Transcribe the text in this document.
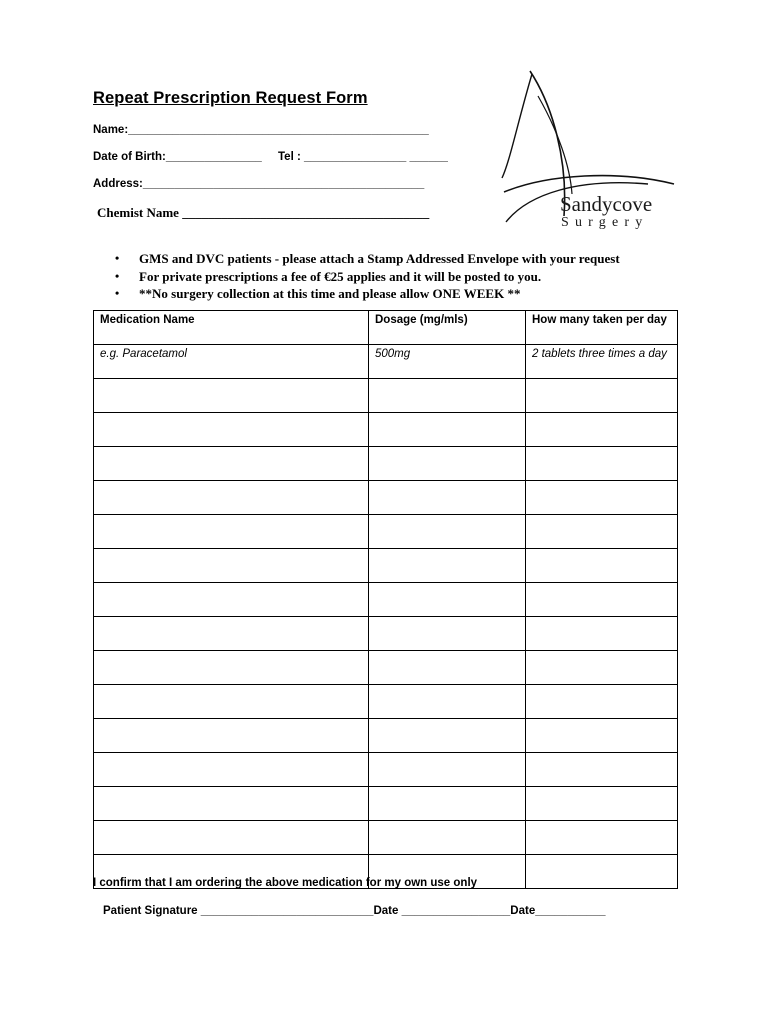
Repeat Prescription Request Form
Name:_______________________________________________
Date of Birth:_______________ Tel : ________________ ______
Address:____________________________________________
Chemist Name ______________________________________	Sandycove
Surgery
• GMS and DVC patients - please attach a Stamp Addressed Envelope with your request
• For private prescriptions a fee of €25 applies and it will be posted to you.
• **No surgery collection at this time and please allow ONE WEEK **
Medication Name	Dosage (mg/mls)	How many taken per day
e.g. Paracetamol	500mg	2 tablets three times a day

I confirm that I am ordering the above medication for my own use only
Patient Signature ___________________________Date _________________Date___________
